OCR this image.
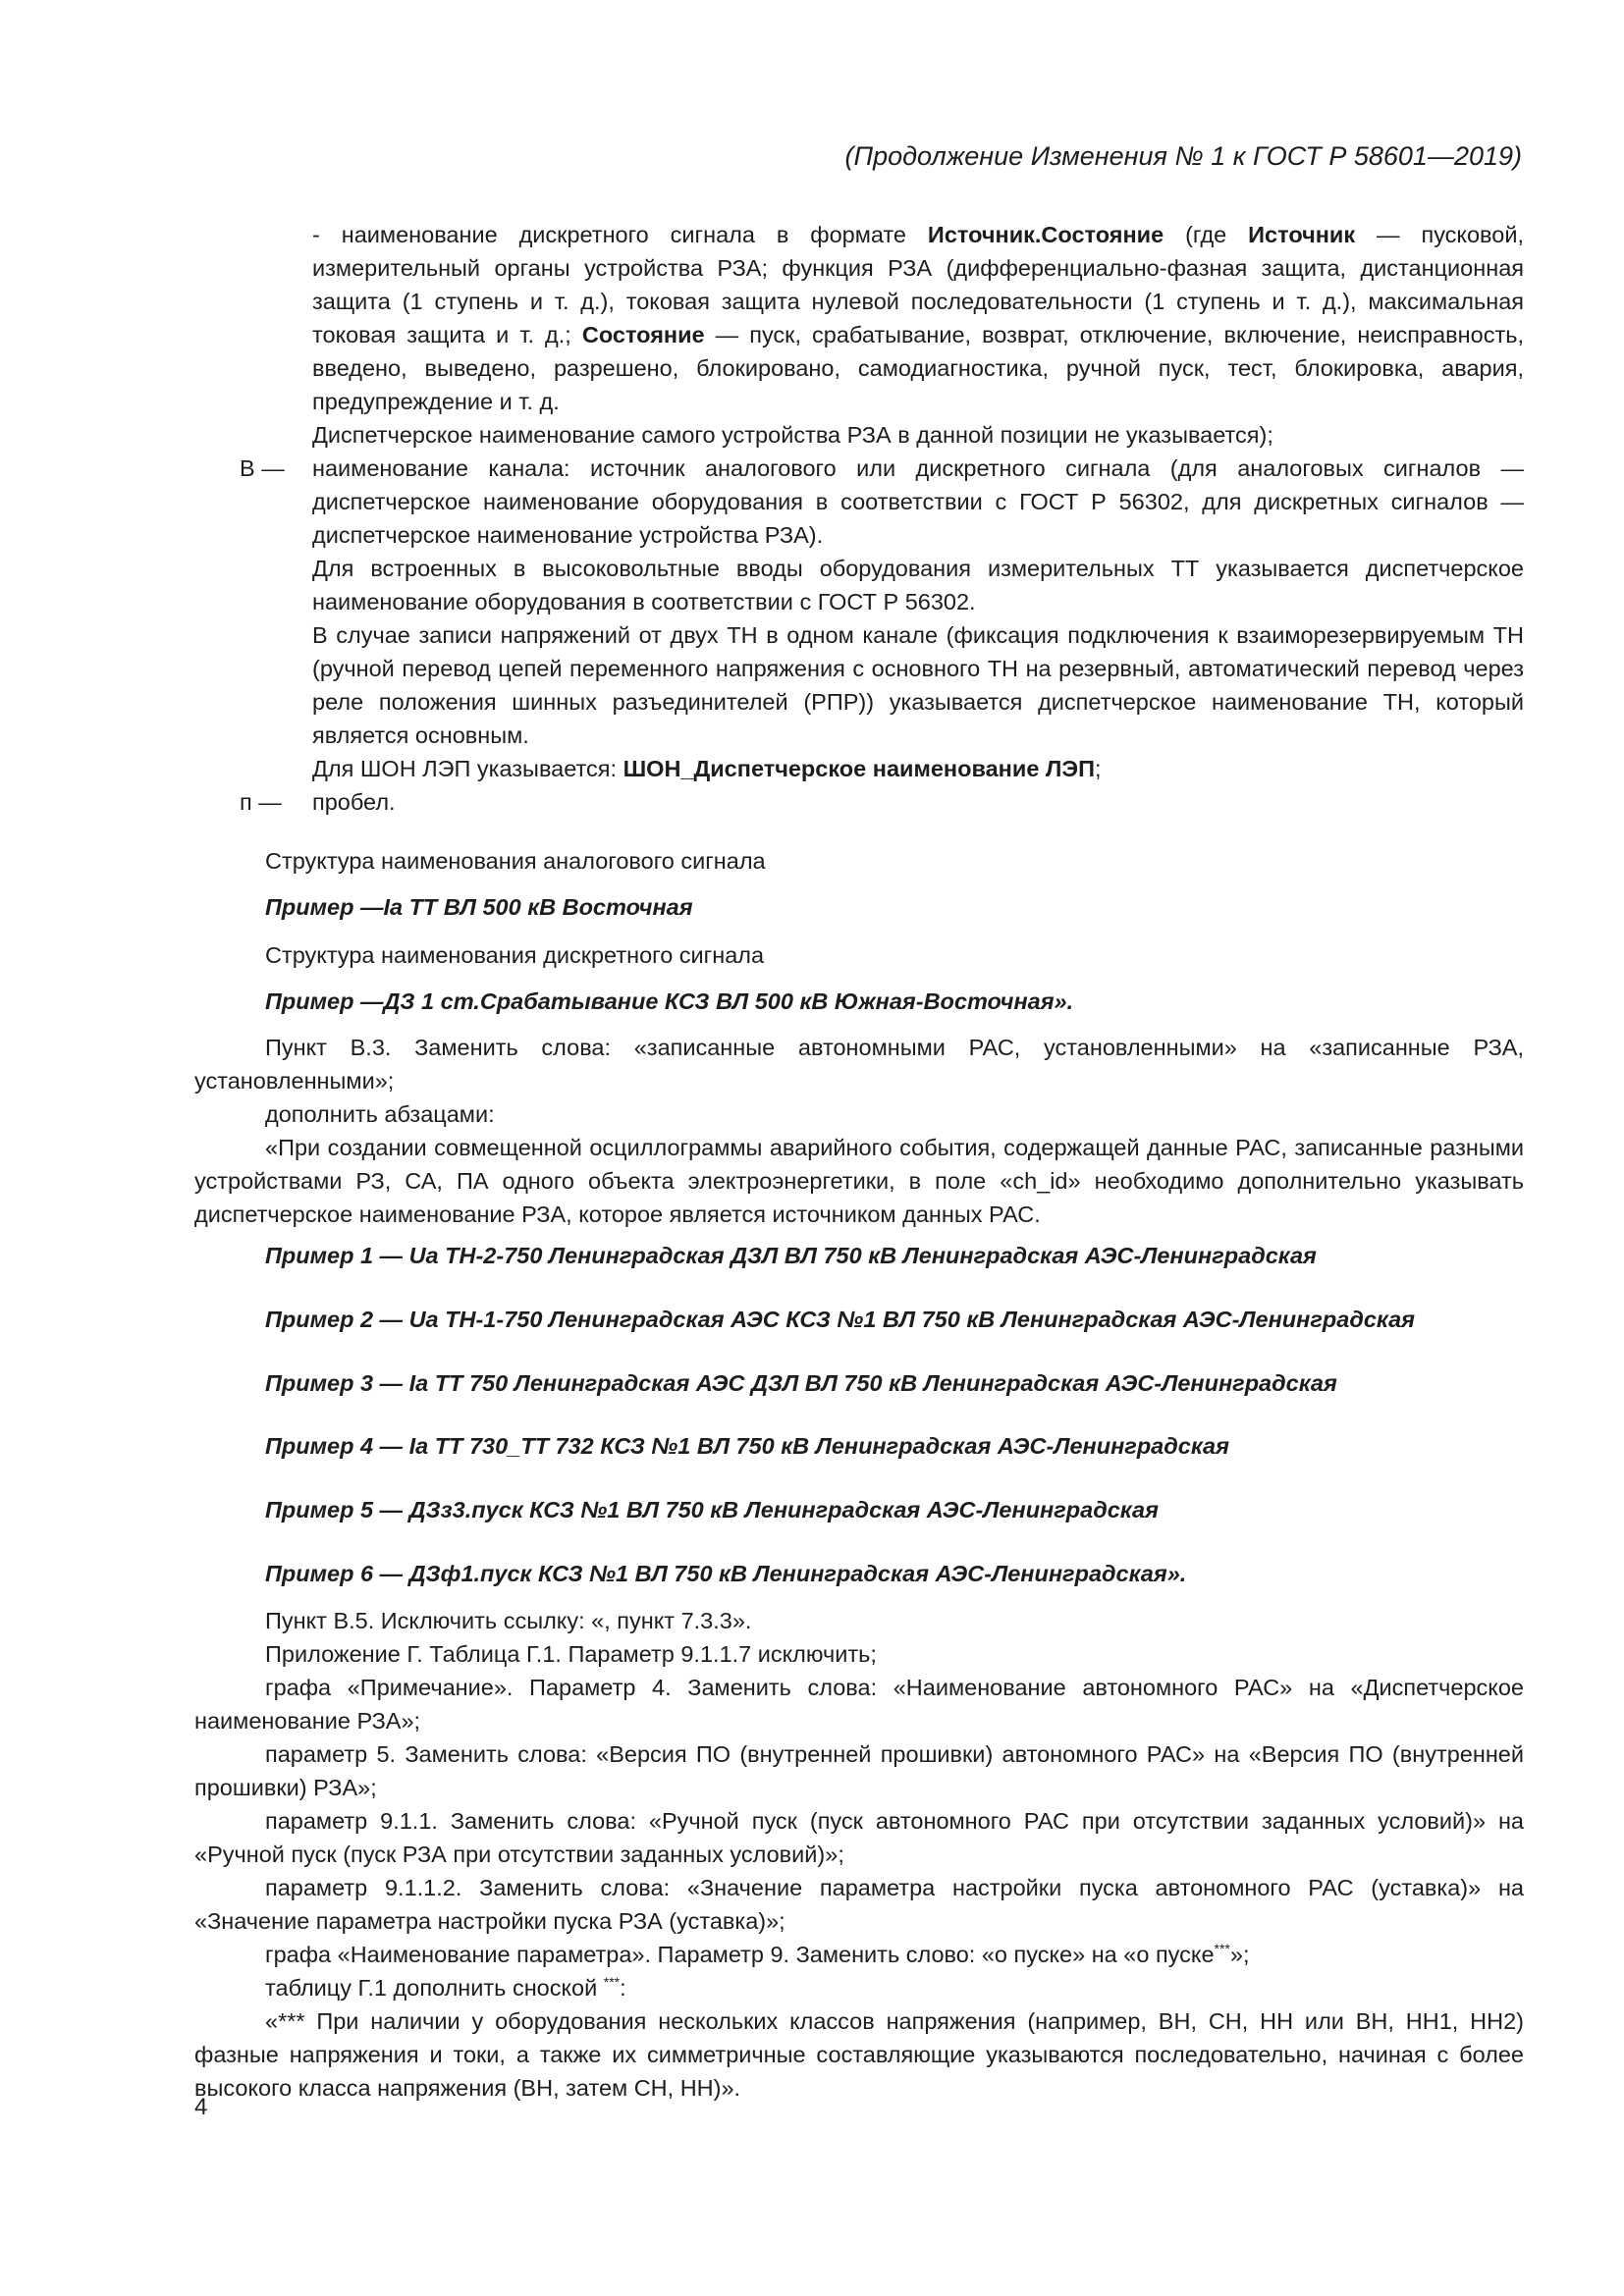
(Продолжение Изменения № 1 к ГОСТ Р 58601—2019)
- наименование дискретного сигнала в формате Источник.Состояние (где Источник — пусковой, измерительный органы устройства РЗА; функция РЗА (дифференциально-фазная защита, дистанционная защита (1 ступень и т. д.), токовая защита нулевой последовательности (1 ступень и т. д.), максимальная токовая защита и т. д.; Состояние — пуск, срабатывание, возврат, отключение, включение, неисправность, введено, выведено, разрешено, блокировано, самодиагностика, ручной пуск, тест, блокировка, авария, предупреждение и т. д.
Диспетчерское наименование самого устройства РЗА в данной позиции не указывается);
В —	наименование канала: источник аналогового или дискретного сигнала (для аналоговых сигналов — диспетчерское наименование оборудования в соответствии с ГОСТ Р 56302, для дискретных сигналов — диспетчерское наименование устройства РЗА).
Для встроенных в высоковольтные вводы оборудования измерительных ТТ указывается диспетчерское наименование оборудования в соответствии с ГОСТ Р 56302.
В случае записи напряжений от двух ТН в одном канале (фиксация подключения к взаиморезервируемым ТН (ручной перевод цепей переменного напряжения с основного ТН на резервный, автоматический перевод через реле положения шинных разъединителей (РПР)) указывается диспетчерское наименование ТН, который является основным.
Для ШОН ЛЭП указывается: ШОН_Диспетчерское наименование ЛЭП;
п —	пробел.
Структура наименования аналогового сигнала
Пример —Ia ТТ ВЛ 500 кВ Восточная
Структура наименования дискретного сигнала
Пример —ДЗ 1 ст.Срабатывание КСЗ ВЛ 500 кВ Южная-Восточная».

Пункт В.3. Заменить слова: «записанные автономными РАС, установленными» на «записанные РЗА, установленными»;

дополнить абзацами:

«При создании совмещенной осциллограммы аварийного события, содержащей данные РАС, записанные разными устройствами РЗ, СА, ПА одного объекта электроэнергетики, в поле «ch_id» необходимо дополнительно указывать диспетчерское наименование РЗА, которое является источником данных РАС.

Пример 1 — Ua ТН-2-750 Ленинградская ДЗЛ ВЛ 750 кВ Ленинградская АЭС-Ленинградская
Пример 2 — Ua ТН-1-750 Ленинградская АЭС КСЗ №1 ВЛ 750 кВ Ленинградская АЭС-Ленинградская
Пример 3 — Ia ТТ 750 Ленинградская АЭС ДЗЛ ВЛ 750 кВ Ленинградская АЭС-Ленинградская
Пример 4 — Ia ТТ 730_ТТ 732 КСЗ №1 ВЛ 750 кВ Ленинградская АЭС-Ленинградская
Пример 5 — ДЗз3.пуск КСЗ №1 ВЛ 750 кВ Ленинградская АЭС-Ленинградская
Пример 6 — ДЗф1.пуск КСЗ №1 ВЛ 750 кВ Ленинградская АЭС-Ленинградская».

Пункт В.5. Исключить ссылку: «, пункт 7.3.3».

Приложение Г. Таблица Г.1. Параметр 9.1.1.7 исключить;

графа «Примечание». Параметр 4. Заменить слова: «Наименование автономного РАС» на «Диспетчерское наименование РЗА»;

параметр 5. Заменить слова: «Версия ПО (внутренней прошивки) автономного РАС» на «Версия ПО (внутренней прошивки) РЗА»;

параметр 9.1.1. Заменить слова: «Ручной пуск (пуск автономного РАС при отсутствии заданных условий)» на «Ручной пуск (пуск РЗА при отсутствии заданных условий)»;

параметр 9.1.1.2. Заменить слова: «Значение параметра настройки пуска автономного РАС (уставка)» на «Значение параметра настройки пуска РЗА (уставка)»;

графа «Наименование параметра». Параметр 9. Заменить слово: «о пуске» на «о пуске***»;

таблицу Г.1 дополнить сноской ***:

«*** При наличии у оборудования нескольких классов напряжения (например, ВН, СН, НН или ВН, НН1, НН2) фазные напряжения и токи, а также их симметричные составляющие указываются последовательно, начиная с более высокого класса напряжения (ВН, затем СН, НН)».

4
